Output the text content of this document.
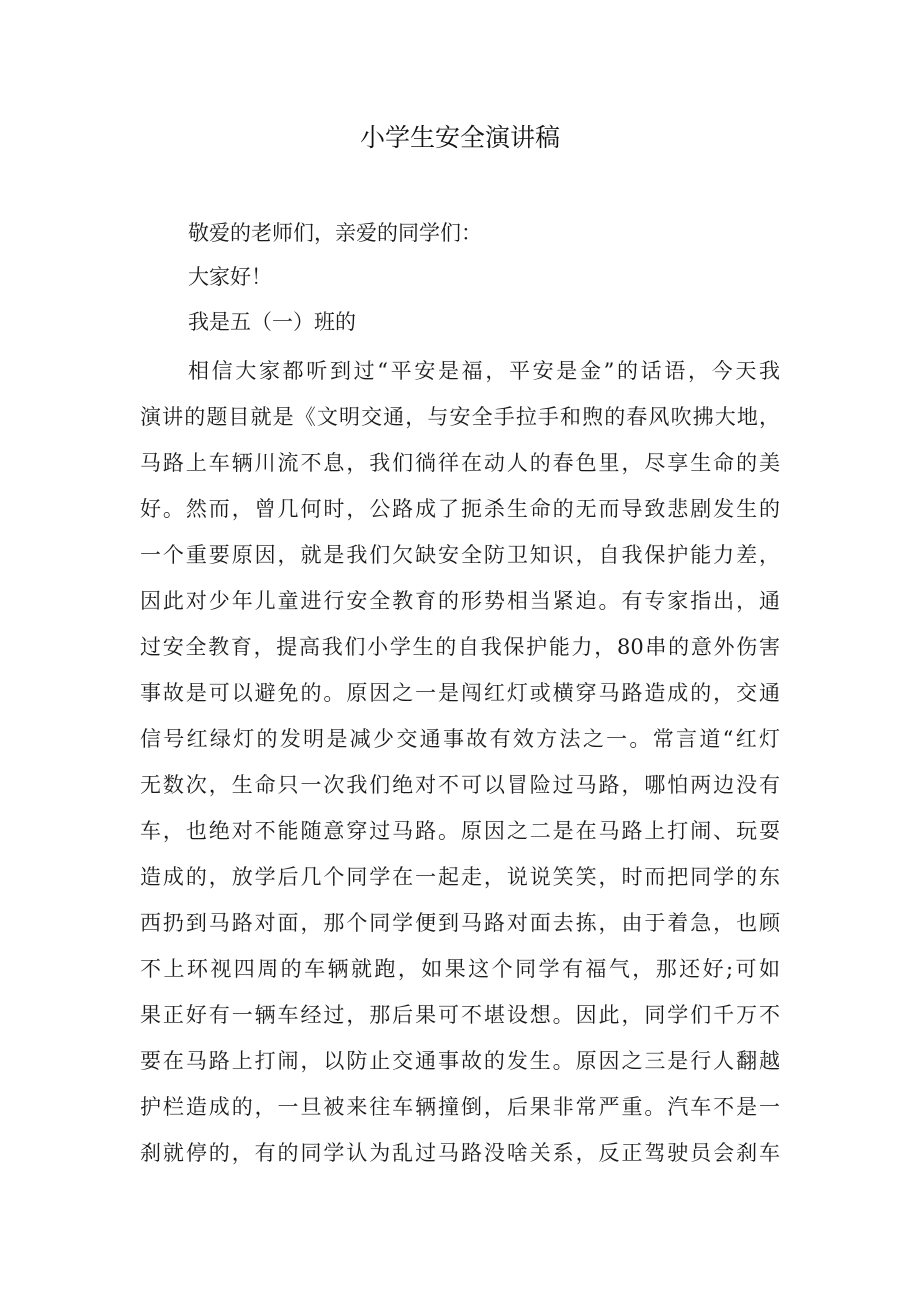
小学生安全演讲稿
敬爱的老师们，亲爱的同学们：
大家好！
我是五（一）班的
相信大家都听到过“平安是福，平安是金”的话语，今天我
演讲的题目就是《文明交通，与安全手拉手和煦的春风吹拂大地，
马路上车辆川流不息，我们徜徉在动人的春色里，尽享生命的美
好。然而，曾几何时，公路成了扼杀生命的无而导致悲剧发生的
一个重要原因，就是我们欠缺安全防卫知识，自我保护能力差，
因此对少年儿童进行安全教育的形势相当紧迫。有专家指出，通
过安全教育，提高我们小学生的自我保护能力，80串的意外伤害
事故是可以避免的。原因之一是闯红灯或横穿马路造成的，交通
信号红绿灯的发明是减少交通事故有效方法之一。常言道“红灯
无数次，生命只一次我们绝对不可以冒险过马路，哪怕两边没有
车，也绝对不能随意穿过马路。原因之二是在马路上打闹、玩耍
造成的，放学后几个同学在一起走，说说笑笑，时而把同学的东
西扔到马路对面，那个同学便到马路对面去拣，由于着急，也顾
不上环视四周的车辆就跑，如果这个同学有福气，那还好;可如
果正好有一辆车经过，那后果可不堪设想。因此，同学们千万不
要在马路上打闹，以防止交通事故的发生。原因之三是行人翻越
护栏造成的，一旦被来往车辆撞倒，后果非常严重。汽车不是一
刹就停的，有的同学认为乱过马路没啥关系，反正驾驶员会刹车
